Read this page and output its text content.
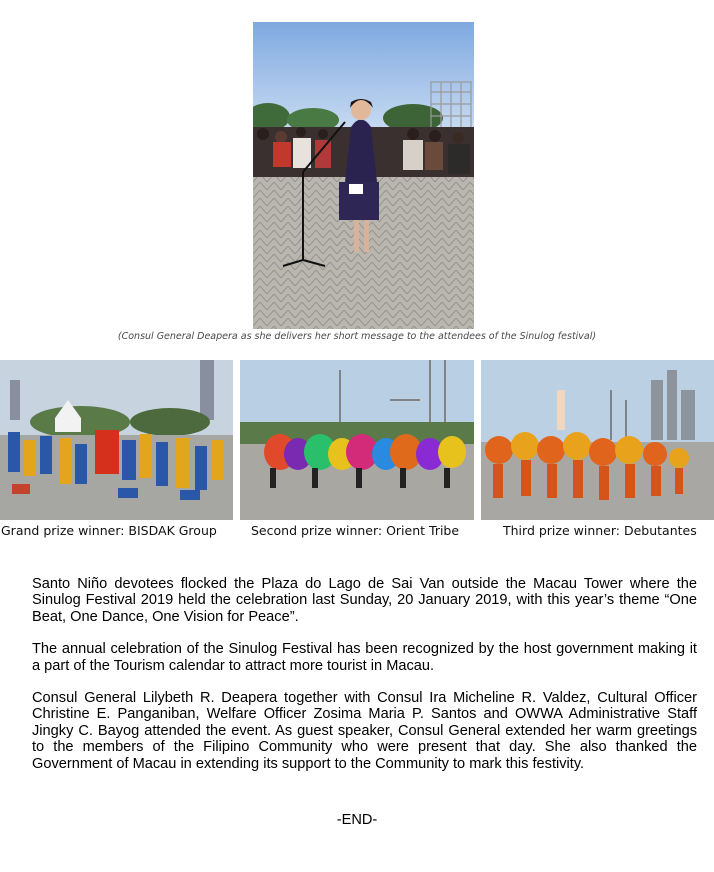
(Consul General Deapera as she delivers her short message to the attendees of the Sinulog festival)
Grand prize winner: BISDAK Group	Second prize winner: Orient Tribe	Third prize winner: Debutantes

Santo Niño devotees flocked the Plaza do Lago de Sai Van outside the Macau Tower where the Sinulog Festival 2019 held the celebration last Sunday, 20 January 2019, with this year’s theme “One Beat, One Dance, One Vision for Peace”.

The annual celebration of the Sinulog Festival has been recognized by the host government making it a part of the Tourism calendar to attract more tourist in Macau.

Consul General Lilybeth R. Deapera together with Consul Ira Micheline R. Valdez, Cultural Officer Christine E. Panganiban, Welfare Officer Zosima Maria P. Santos and OWWA Administrative Staff Jingky C. Bayog attended the event. As guest speaker, Consul General extended her warm greetings to the members of the Filipino Community who were present that day. She also thanked the Government of Macau in extending its support to the Community to mark this festivity.

-END-
